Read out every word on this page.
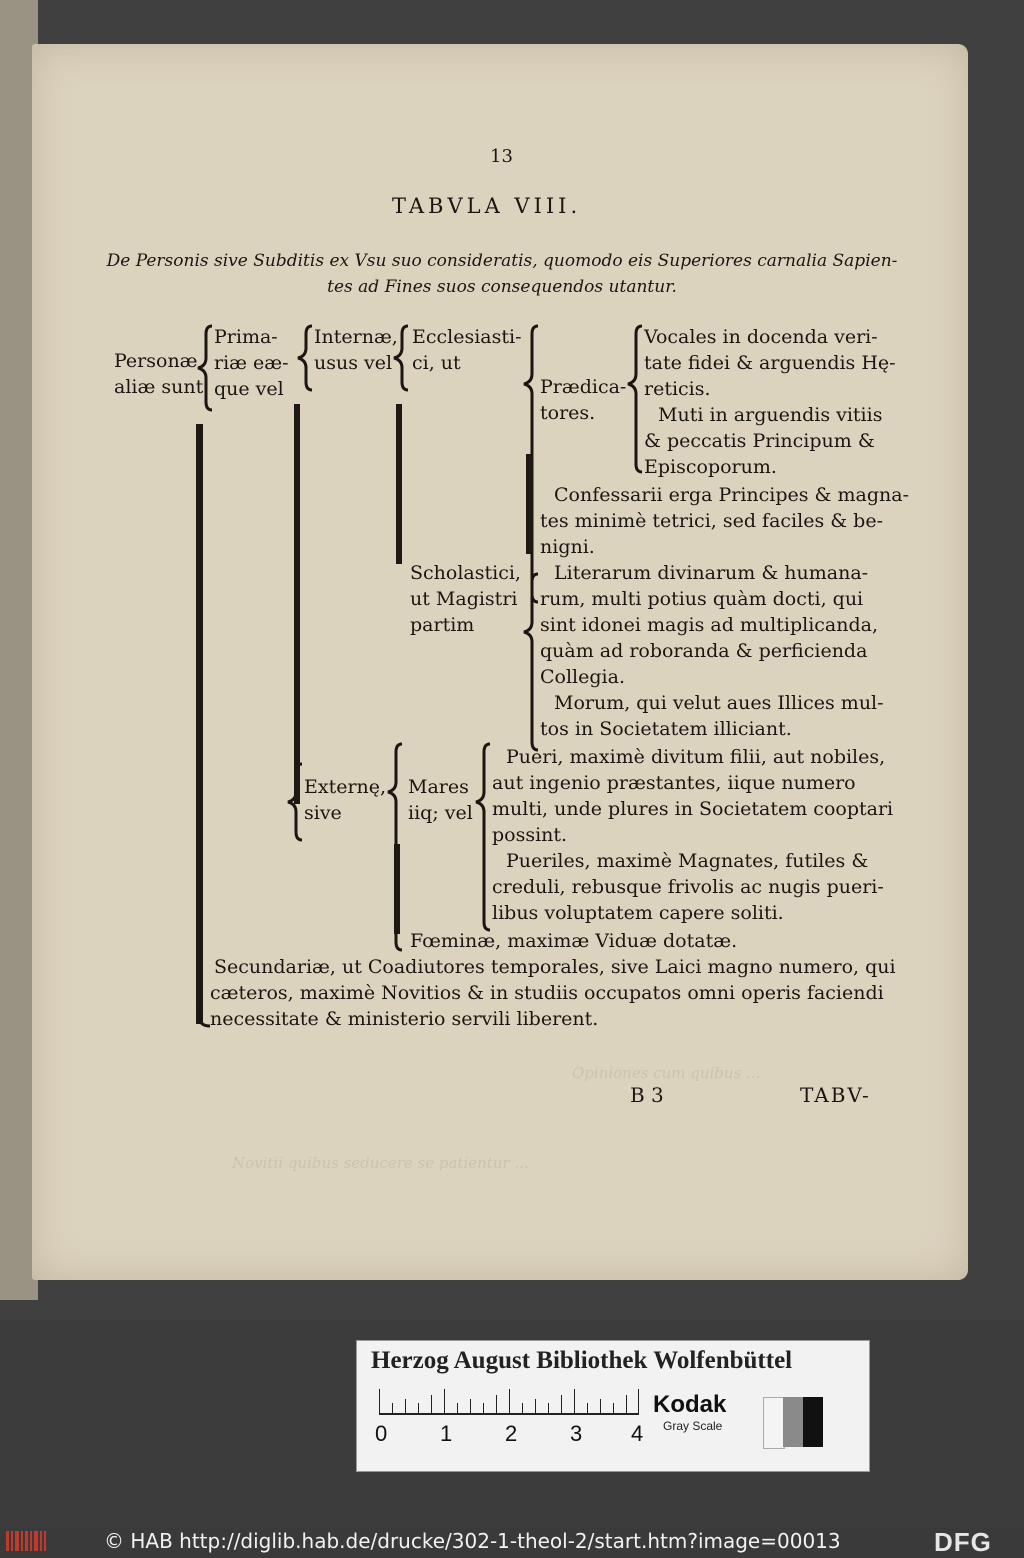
Opiniones cum quibus ...
Novitii quibus seducere se patientur ...
13
TABVLA VIII.
De Personis sive Subditis ex Vsu suo consideratis, quomodo eis Superiores carnalia Sapien-
tes ad Fines suos consequendos utantur.
Personæ
aliæ sunt
Prima-
riæ eæ-
que vel
Internæ,
usus vel
Externę,
sive
Ecclesiasti-
ci, ut
Scholastici,
ut Magistri
partim
Mares
iiq; vel
Prædica-
tores.
Vocales in docenda veri-
tate fidei & arguendis Hę-
reticis.
Muti in arguendis vitiis
& peccatis Principum &
Episcoporum.
Confessarii erga Principes & magna-
tes minimè tetrici, sed faciles & be-
nigni.
Literarum divinarum & humana-
rum, multi potius quàm docti, qui
sint idonei magis ad multiplicanda,
quàm ad roboranda & perficienda
Collegia.
Morum, qui velut aues Illices mul-
tos in Societatem illiciant.
Pueri, maximè divitum filii, aut nobiles,
aut ingenio præstantes, iique numero
multi, unde plures in Societatem cooptari
possint.
Pueriles, maximè Magnates, futiles &
creduli, rebusque frivolis ac nugis pueri-
libus voluptatem capere soliti.
Fœminæ, maximæ Viduæ dotatæ.
Secundariæ, ut Coadiutores temporales, sive Laici magno numero, qui
cæteros, maximè Novitios & in studiis occupatos omni operis faciendi
necessitate & ministerio servili liberent.
B 3	TABV-
Herzog August Bibliothek Wolfenbüttel
0 1 2 3 4
Kodak
Gray Scale
© HAB http://diglib.hab.de/drucke/302-1-theol-2/start.htm?image=00013	DFG
